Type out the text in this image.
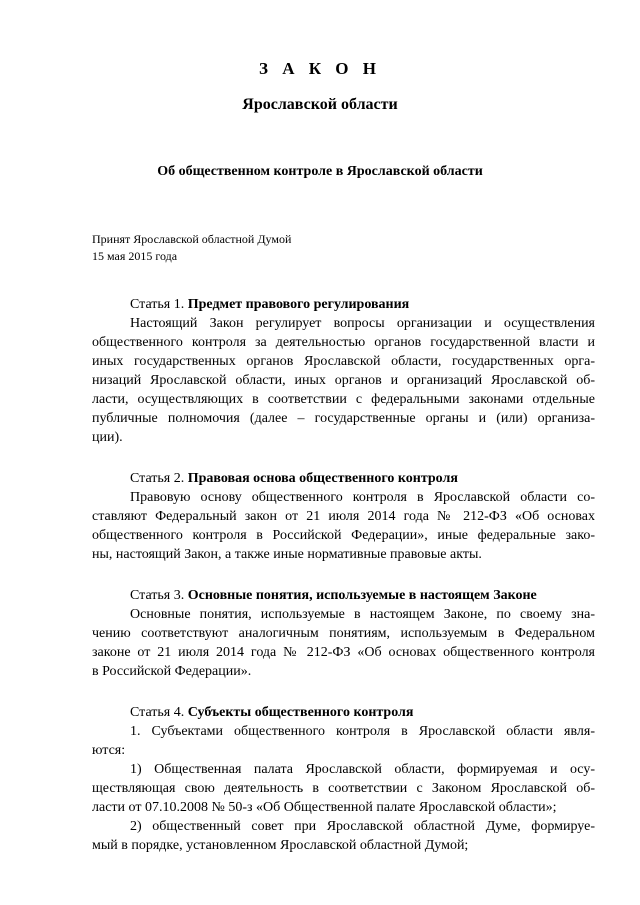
З А К О Н
Ярославской области
Об общественном контроле в Ярославской области
Принят Ярославской областной Думой
15 мая 2015 года
Статья 1. Предмет правового регулирования
Настоящий Закон регулирует вопросы организации и осуществления
общественного контроля за деятельностью органов государственной власти и
иных государственных органов Ярославской области, государственных орга-
низаций Ярославской области, иных органов и организаций Ярославской об-
ласти, осуществляющих в соответствии с федеральными законами отдельные
публичные полномочия (далее – государственные органы и (или) организа-
ции).
Статья 2. Правовая основа общественного контроля
Правовую основу общественного контроля в Ярославской области со-
ставляют Федеральный закон от 21 июля 2014 года № 212-ФЗ «Об основах
общественного контроля в Российской Федерации», иные федеральные зако-
ны, настоящий Закон, а также иные нормативные правовые акты.
Статья 3. Основные понятия, используемые в настоящем Законе
Основные понятия, используемые в настоящем Законе, по своему зна-
чению соответствуют аналогичным понятиям, используемым в Федеральном
законе от 21 июля 2014 года № 212-ФЗ «Об основах общественного контроля
в Российской Федерации».
Статья 4. Субъекты общественного контроля
1. Субъектами общественного контроля в Ярославской области явля-
ются:
1) Общественная палата Ярославской области, формируемая и осу-
ществляющая свою деятельность в соответствии с Законом Ярославской об-
ласти от 07.10.2008 № 50-з «Об Общественной палате Ярославской области»;
2) общественный совет при Ярославской областной Думе, формируе-
мый в порядке, установленном Ярославской областной Думой;
